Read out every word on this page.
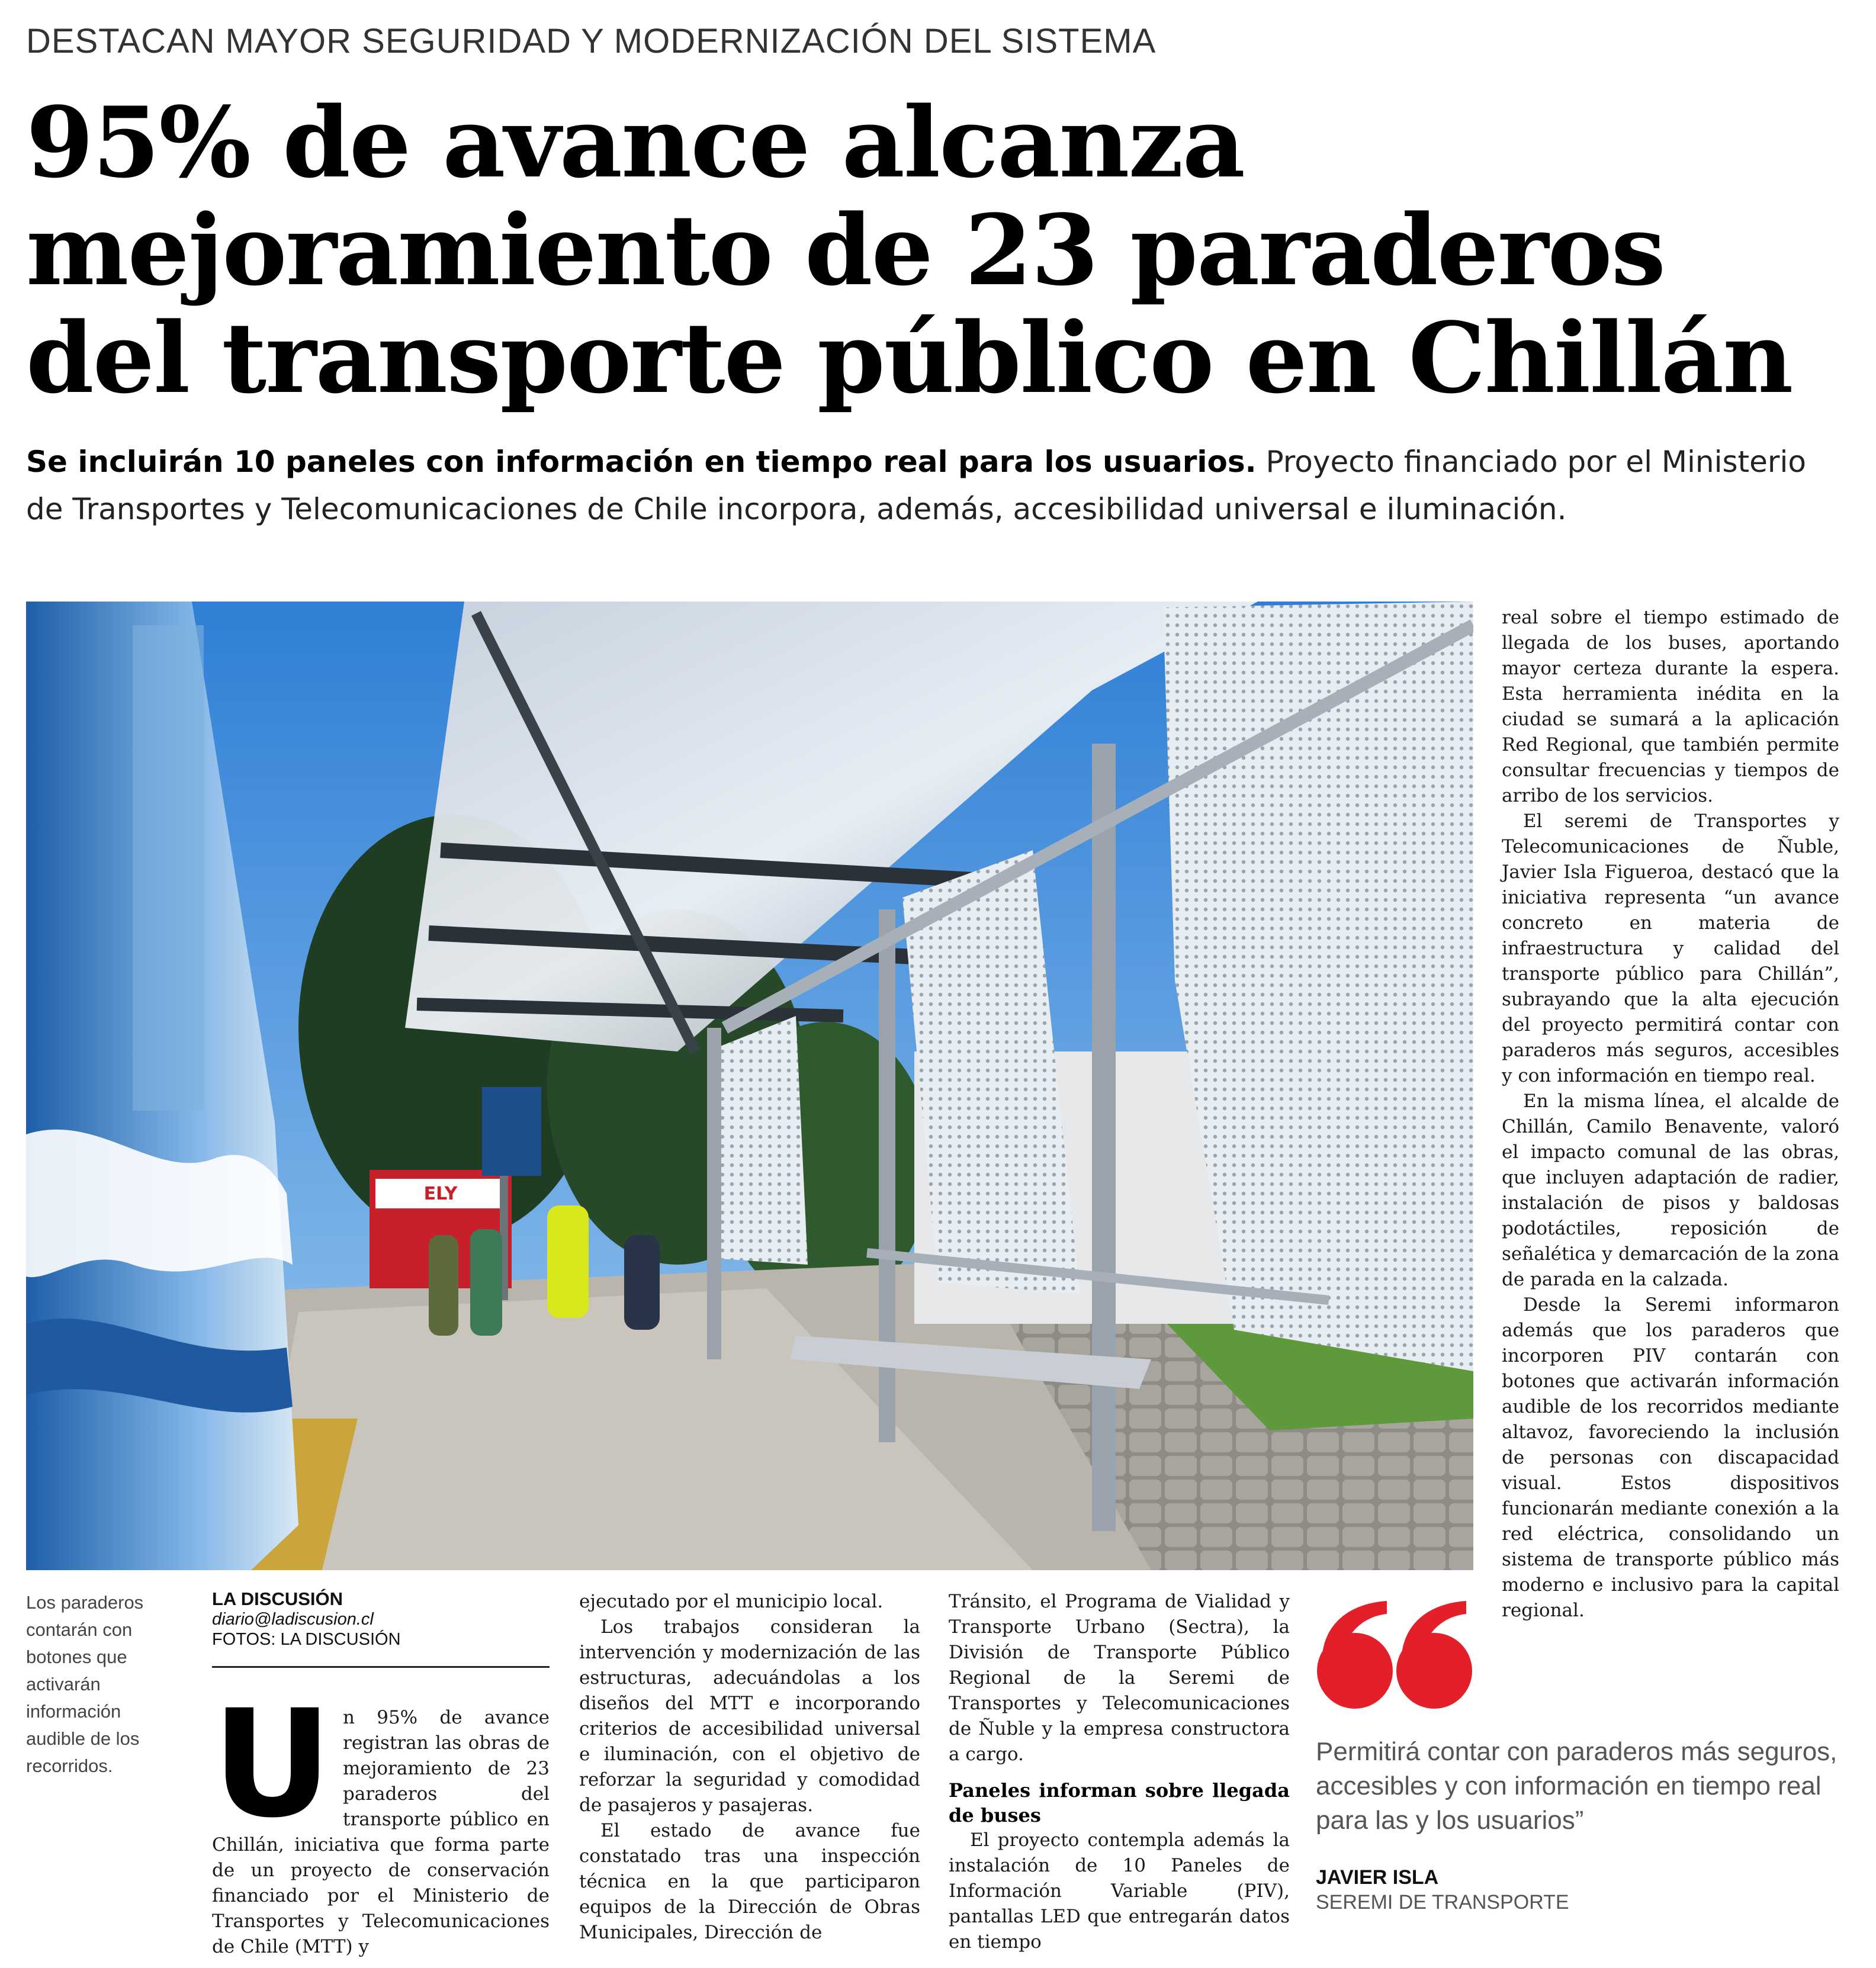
DESTACAN MAYOR SEGURIDAD Y MODERNIZACIÓN DEL SISTEMA
95% de avance alcanza
mejoramiento de 23 paraderos
del transporte público en Chillán
Se incluirán 10 paneles con información en tiempo real para los usuarios. Proyecto financiado por el Ministerio de Transportes y Telecomunicaciones de Chile incorpora, además, accesibilidad universal e iluminación.
ELY
Los paraderos contarán con botones que activarán información audible de los recorridos.
LA DISCUSIÓN
diario@ladiscusion.cl
FOTOS: LA DISCUSIÓN

Un 95% de avance registran las obras de mejoramiento de 23 paraderos del transporte público en Chillán, iniciativa que forma parte de un proyecto de conservación financiado por el Ministerio de Transportes y Telecomunicaciones de Chile (MTT) y

ejecutado por el municipio local.

Los trabajos consideran la intervención y modernización de las estructuras, adecuándolas a los diseños del MTT e incorporando criterios de accesibilidad universal e iluminación, con el objetivo de reforzar la seguridad y comodidad de pasajeros y pasajeras.

El estado de avance fue constatado tras una inspección técnica en la que participaron equipos de la Dirección de Obras Municipales, Dirección de

Tránsito, el Programa de Vialidad y Transporte Urbano (Sectra), la División de Transporte Público Regional de la Seremi de Transportes y Telecomunicaciones de Ñuble y la empresa constructora a cargo.

Paneles informan sobre llegada de buses

El proyecto contempla además la instalación de 10 Paneles de Información Variable (PIV), pantallas LED que entregarán datos en tiempo

real sobre el tiempo estimado de llegada de los buses, aportando mayor certeza durante la espera. Esta herramienta inédita en la ciudad se sumará a la aplicación Red Regional, que también permite consultar frecuencias y tiempos de arribo de los servicios.

El seremi de Transportes y Telecomunicaciones de Ñuble, Javier Isla Figueroa, destacó que la iniciativa representa “un avance concreto en materia de infraestructura y calidad del transporte público para Chillán”, subrayando que la alta ejecución del proyecto permitirá contar con paraderos más seguros, accesibles y con información en tiempo real.

En la misma línea, el alcalde de Chillán, Camilo Benavente, valoró el impacto comunal de las obras, que incluyen adaptación de radier, instalación de pisos y baldosas podotáctiles, reposición de señalética y demarcación de la zona de parada en la calzada.

Desde la Seremi informaron además que los paraderos que incorporen PIV contarán con botones que activarán información audible de los recorridos mediante altavoz, favoreciendo la inclusión de personas con discapacidad visual. Estos dispositivos funcionarán mediante conexión a la red eléctrica, consolidando un sistema de transporte público más moderno e inclusivo para la capital regional.

Permitirá contar con paraderos más seguros, accesibles y con información en tiempo real para las y los usuarios”
JAVIER ISLA
SEREMI DE TRANSPORTE
